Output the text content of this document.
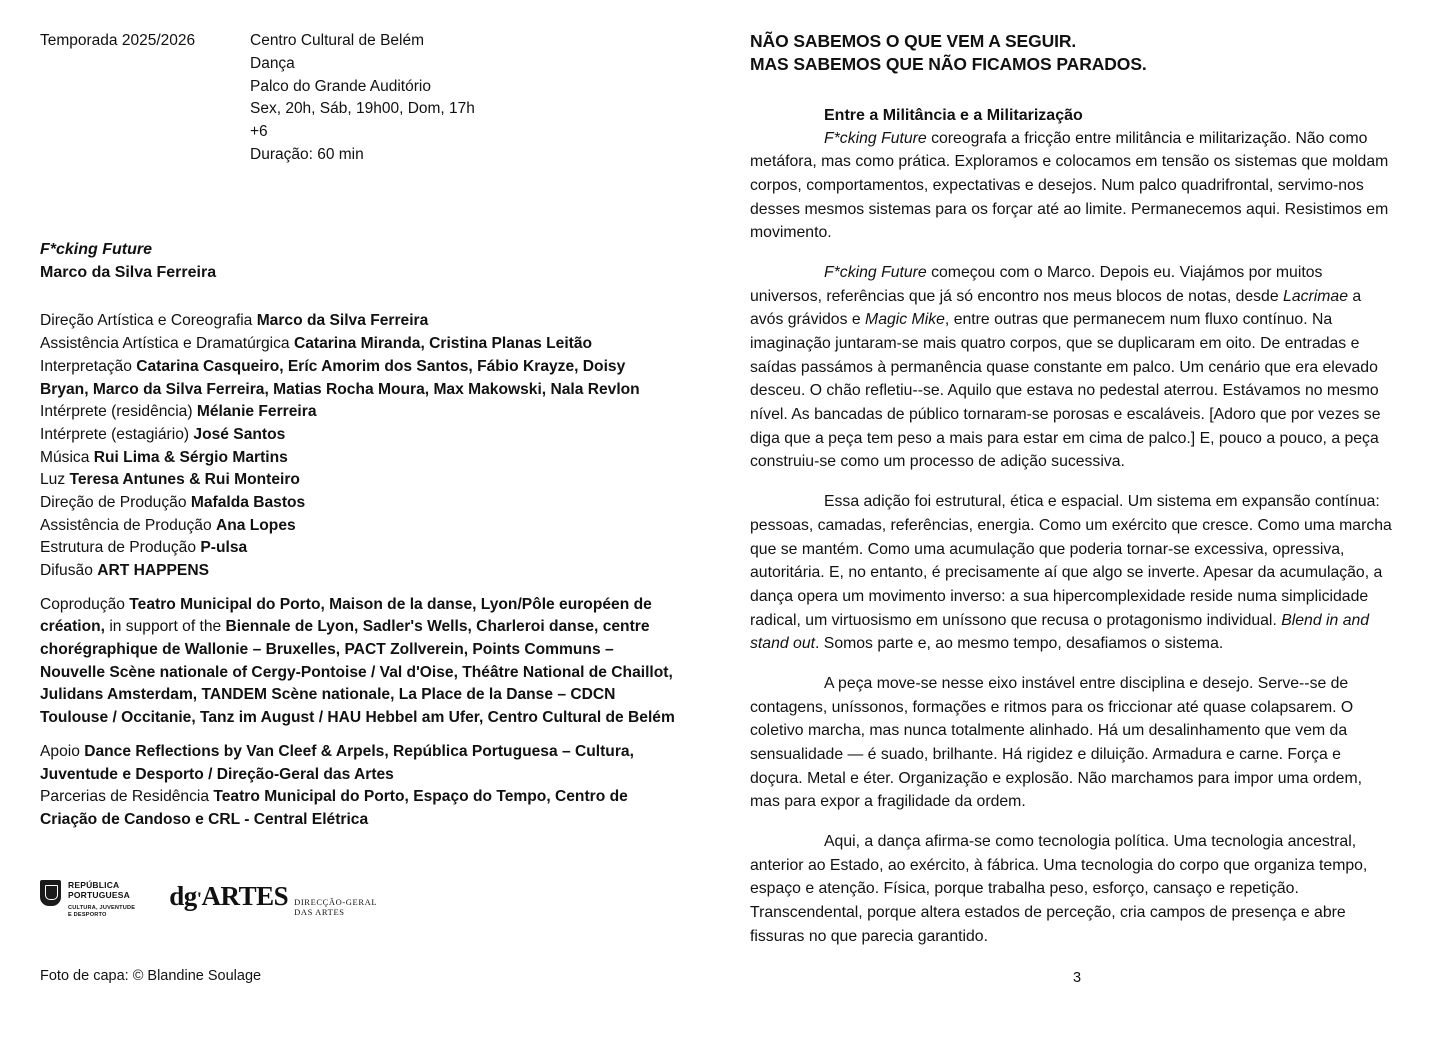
Temporada 2025/2026	Centro Cultural de Belém
Dança
Palco do Grande Auditório
Sex, 20h, Sáb, 19h00, Dom, 17h
+6
Duração: 60 min
F*cking Future
Marco da Silva Ferreira

Direção Artística e Coreografia Marco da Silva Ferreira

Assistência Artística e Dramatúrgica Catarina Miranda, Cristina Planas Leitão

Interpretação Catarina Casqueiro, Eríc Amorim dos Santos, Fábio Krayze, Doisy Bryan, Marco da Silva Ferreira, Matias Rocha Moura, Max Makowski, Nala Revlon

Intérprete (residência) Mélanie Ferreira

Intérprete (estagiário) José Santos

Música Rui Lima & Sérgio Martins

Luz Teresa Antunes & Rui Monteiro

Direção de Produção Mafalda Bastos

Assistência de Produção Ana Lopes

Estrutura de Produção P-ulsa

Difusão ART HAPPENS

Coprodução Teatro Municipal do Porto, Maison de la danse, Lyon/Pôle européen de création, in support of the Biennale de Lyon, Sadler's Wells, Charleroi danse, centre chorégraphique de Wallonie – Bruxelles, PACT Zollverein, Points Communs – Nouvelle Scène nationale of Cergy-Pontoise / Val d'Oise, Théâtre National de Chaillot, Julidans Amsterdam, TANDEM Scène nationale, La Place de la Danse – CDCN Toulouse / Occitanie, Tanz im August / HAU Hebbel am Ufer, Centro Cultural de Belém

Apoio Dance Reflections by Van Cleef & Arpels, República Portuguesa – Cultura, Juventude e Desporto / Direção-Geral das Artes

Parcerias de Residência Teatro Municipal do Porto, Espaço do Tempo, Centro de Criação de Candoso e CRL - Central Elétrica

REPÚBLICA
PORTUGUESA
CULTURA, JUVENTUDE
E DESPORTO
dg'ARTES DIRECÇÃO-GERAL
DAS ARTES
Foto de capa: © Blandine Soulage
NÃO SABEMOS O QUE VEM A SEGUIR.
MAS SABEMOS QUE NÃO FICAMOS PARADOS.
Entre a Militância e a Militarização

F*cking Future coreografa a fricção entre militância e militarização. Não como metáfora, mas como prática. Exploramos e colocamos em tensão os sistemas que moldam corpos, comportamentos, expectativas e desejos. Num palco quadrifrontal, servimo-nos desses mesmos sistemas para os forçar até ao limite. Permanecemos aqui. Resistimos em movimento.

F*cking Future começou com o Marco. Depois eu. Viajámos por muitos universos, referências que já só encontro nos meus blocos de notas, desde Lacrimae a avós grávidos e Magic Mike, entre outras que permanecem num fluxo contínuo. Na imaginação juntaram-se mais quatro corpos, que se duplicaram em oito. De entradas e saídas passámos à permanência quase constante em palco. Um cenário que era elevado desceu. O chão refletiu--se. Aquilo que estava no pedestal aterrou. Estávamos no mesmo nível. As bancadas de público tornaram-se porosas e escaláveis. [Adoro que por vezes se diga que a peça tem peso a mais para estar em cima de palco.] E, pouco a pouco, a peça construiu-se como um processo de adição sucessiva.

Essa adição foi estrutural, ética e espacial. Um sistema em expansão contínua: pessoas, camadas, referências, energia. Como um exército que cresce. Como uma marcha que se mantém. Como uma acumulação que poderia tornar-se excessiva, opressiva, autoritária. E, no entanto, é precisamente aí que algo se inverte. Apesar da acumulação, a dança opera um movimento inverso: a sua hipercomplexidade reside numa simplicidade radical, um virtuosismo em uníssono que recusa o protagonismo individual. Blend in and stand out. Somos parte e, ao mesmo tempo, desafiamos o sistema.

A peça move-se nesse eixo instável entre disciplina e desejo. Serve--se de contagens, uníssonos, formações e ritmos para os friccionar até quase colapsarem. O coletivo marcha, mas nunca totalmente alinhado. Há um desalinhamento que vem da sensualidade — é suado, brilhante. Há rigidez e diluição. Armadura e carne. Força e doçura. Metal e éter. Organização e explosão. Não marchamos para impor uma ordem, mas para expor a fragilidade da ordem.

Aqui, a dança afirma-se como tecnologia política. Uma tecnologia ancestral, anterior ao Estado, ao exército, à fábrica. Uma tecnologia do corpo que organiza tempo, espaço e atenção. Física, porque trabalha peso, esforço, cansaço e repetição. Transcendental, porque altera estados de perceção, cria campos de presença e abre fissuras no que parecia garantido.

3
